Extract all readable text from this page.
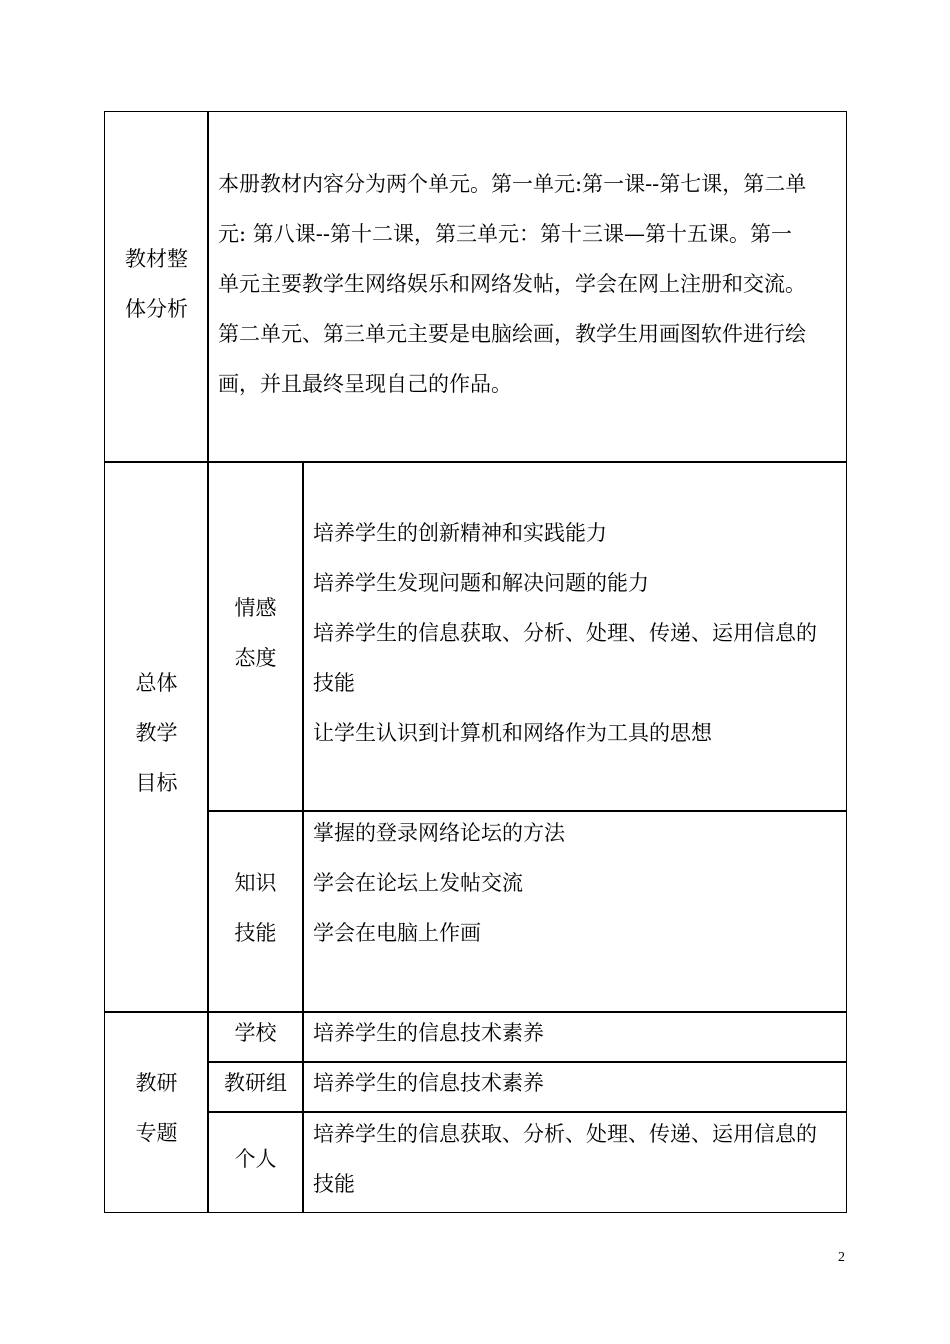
教材整
体分析
本册教材内容分为两个单元。第一单元:第一课--第七课，第二单
元: 第八课--第十二课，第三单元：第十三课—第十五课。第一
单元主要教学生网络娱乐和网络发帖，学会在网上注册和交流。
第二单元、第三单元主要是电脑绘画，教学生用画图软件进行绘
画，并且最终呈现自己的作品。
总体
教学
目标
情感
态度
培养学生的创新精神和实践能力
培养学生发现问题和解决问题的能力
培养学生的信息获取、分析、处理、传递、运用信息的
技能
让学生认识到计算机和网络作为工具的思想
知识
技能
掌握的登录网络论坛的方法
学会在论坛上发帖交流
学会在电脑上作画
教研
专题
学校	培养学生的信息技术素养
教研组	培养学生的信息技术素养
个人
培养学生的信息获取、分析、处理、传递、运用信息的
技能
2
